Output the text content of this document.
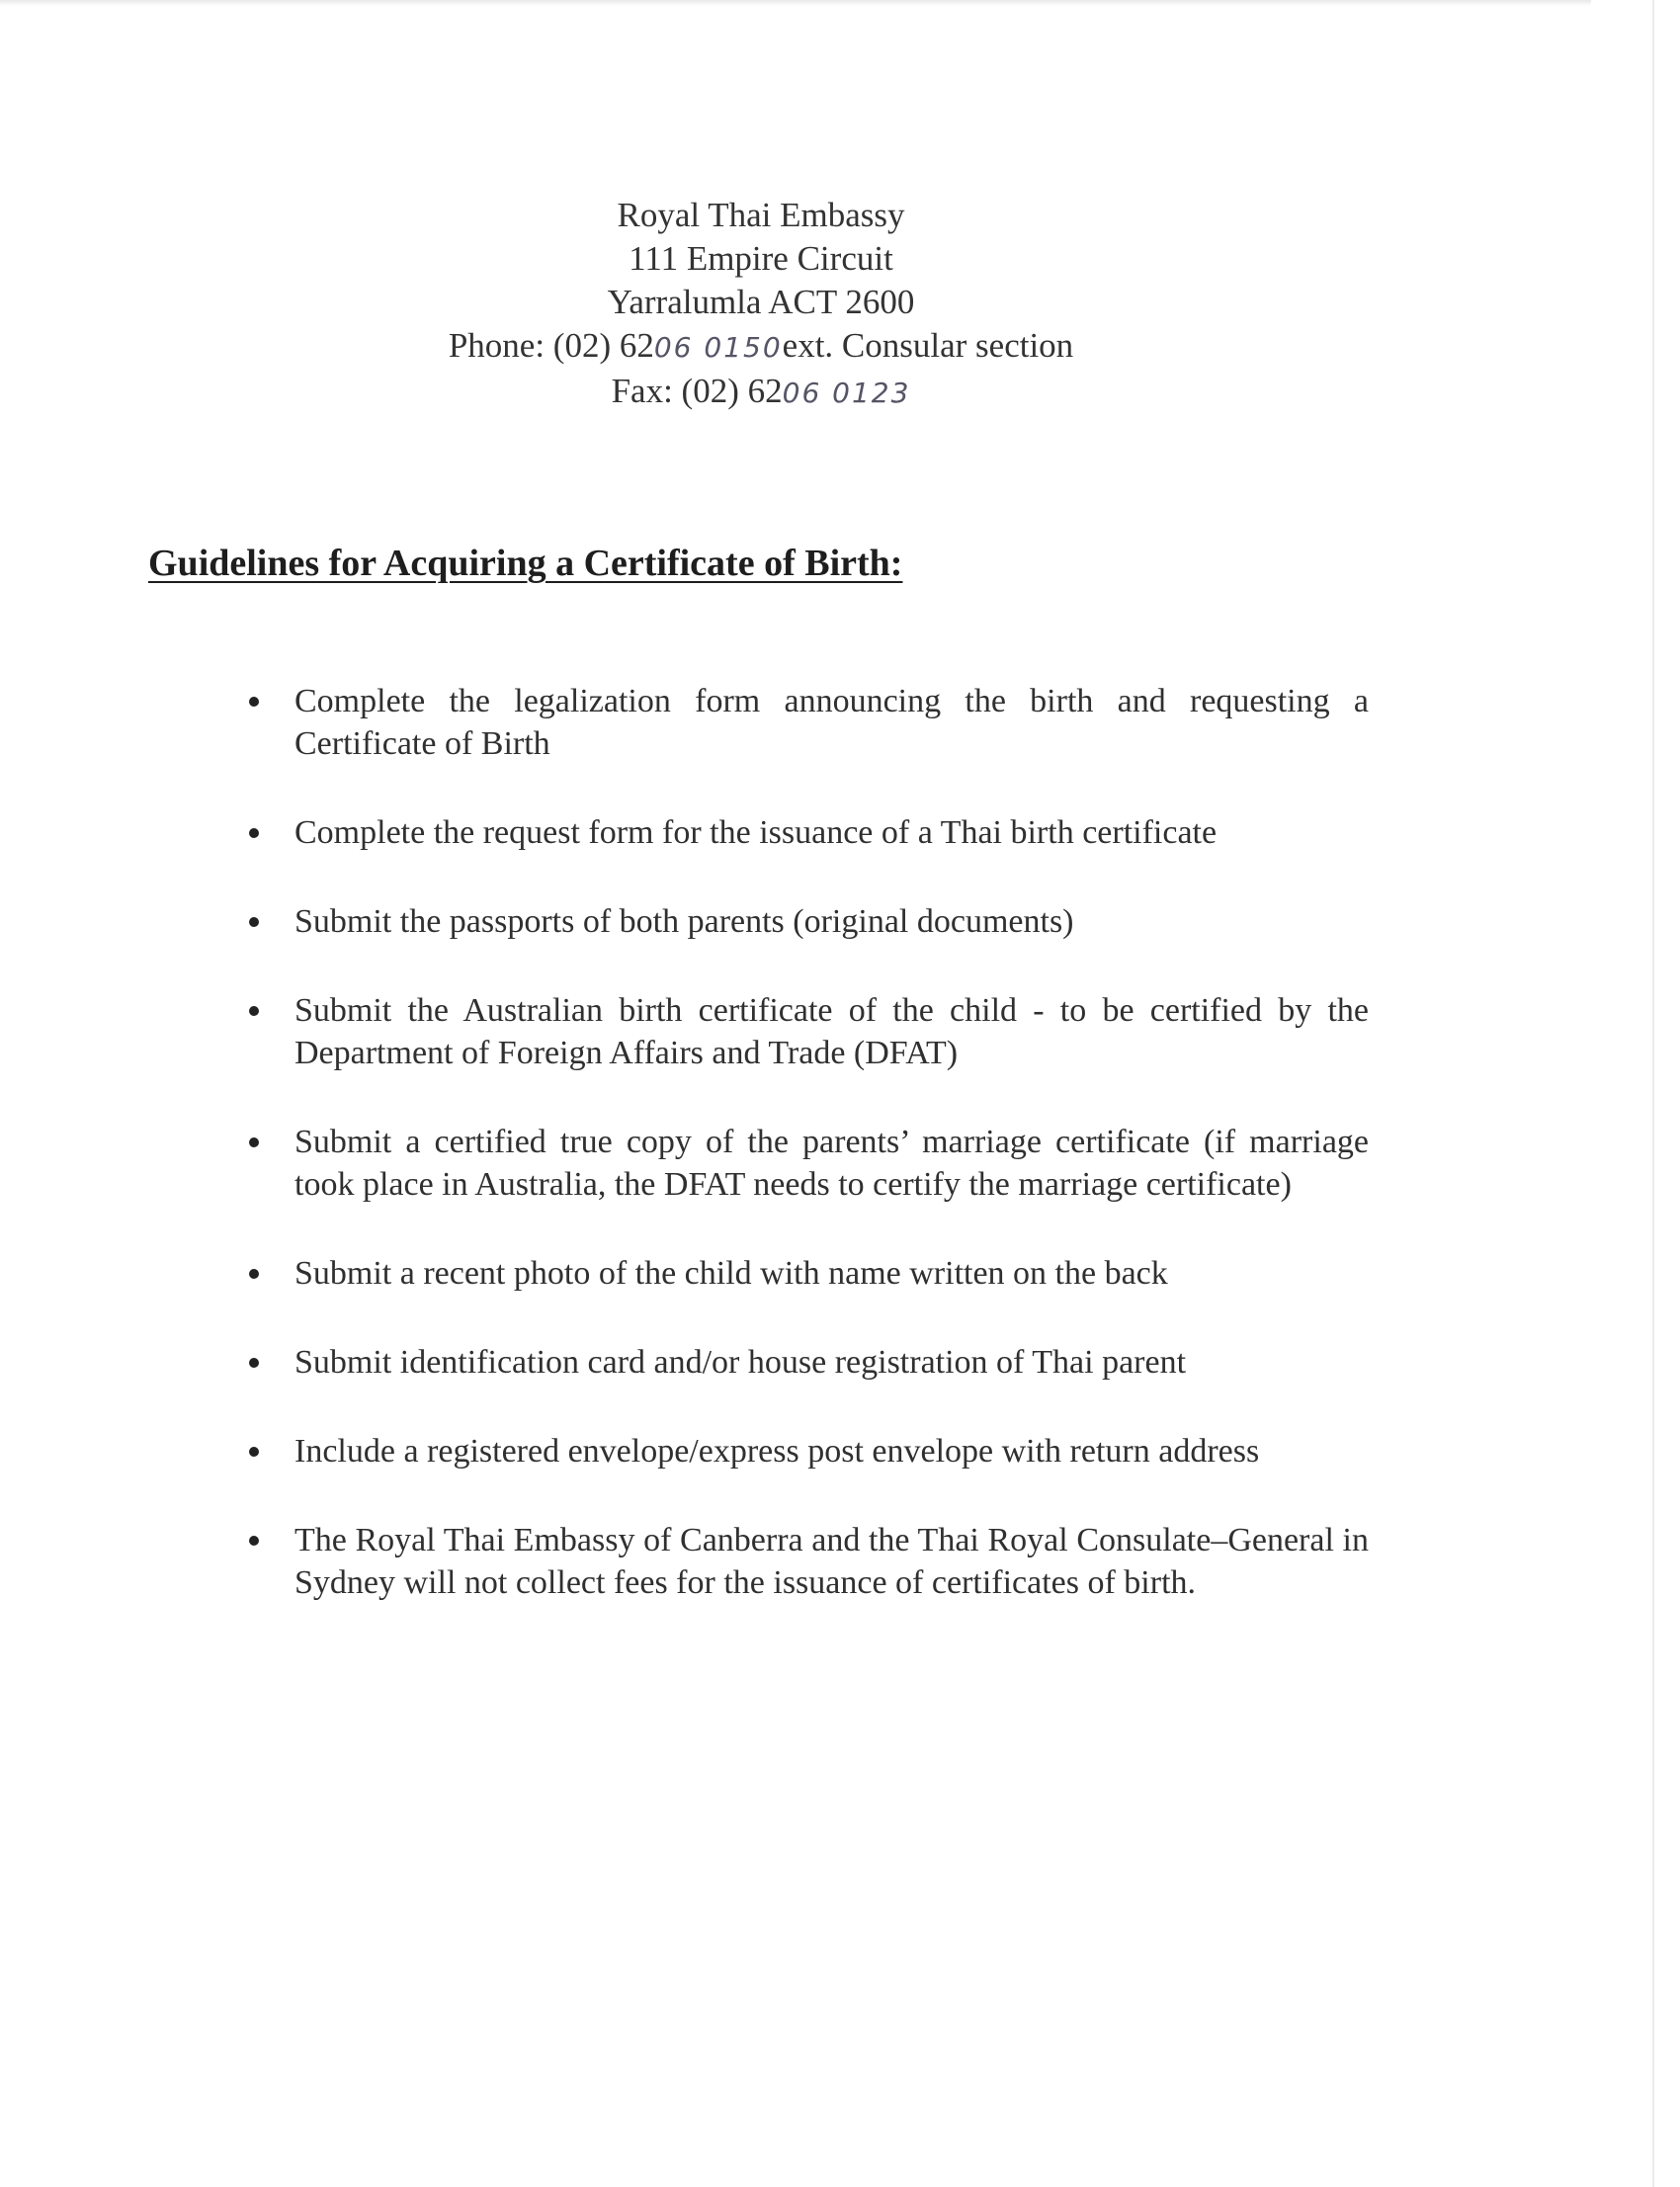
Royal Thai Embassy
111 Empire Circuit
Yarralumla ACT 2600
Phone: (02) 6206 0150ext. Consular section
Fax: (02) 6206 0123
Guidelines for Acquiring a Certificate of Birth:
Complete the legalization form announcing the birth and requesting a Certificate of Birth
Complete the request form for the issuance of a Thai birth certificate
Submit the passports of both parents (original documents)
Submit the Australian birth certificate of the child - to be certified by the Department of Foreign Affairs and Trade (DFAT)
Submit a certified true copy of the parents’ marriage certificate (if marriage took place in Australia, the DFAT needs to certify the marriage certificate)
Submit a recent photo of the child with name written on the back
Submit identification card and/or house registration of Thai parent
Include a registered envelope/express post envelope with return address
The Royal Thai Embassy of Canberra and the Thai Royal Consulate–General in Sydney will not collect fees for the issuance of certificates of birth.
